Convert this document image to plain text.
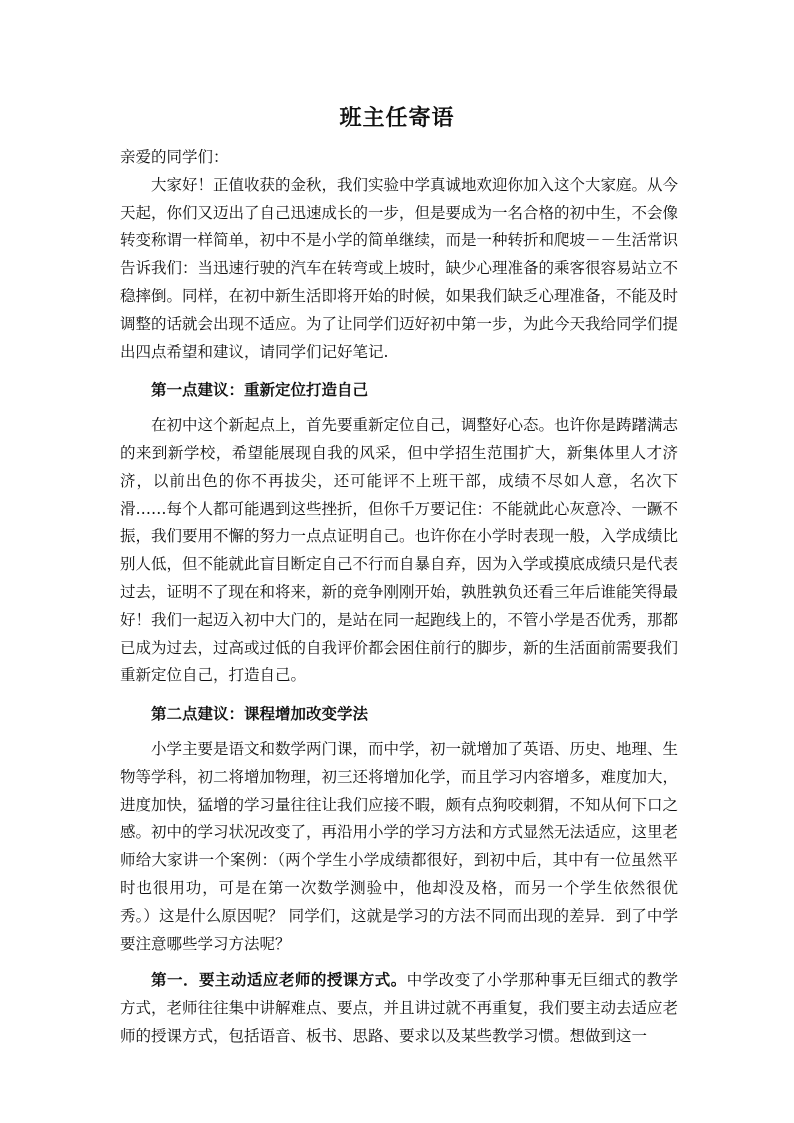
班主任寄语

亲爱的同学们：

大家好！正值收获的金秋，我们实验中学真诚地欢迎你加入这个大家庭。从今天起，你们又迈出了自己迅速成长的一步，但是要成为一名合格的初中生，不会像转变称谓一样简单，初中不是小学的简单继续，而是一种转折和爬坡－－生活常识告诉我们：当迅速行驶的汽车在转弯或上坡时，缺少心理准备的乘客很容易站立不稳摔倒。同样，在初中新生活即将开始的时候，如果我们缺乏心理准备，不能及时调整的话就会出现不适应。为了让同学们迈好初中第一步，为此今天我给同学们提出四点希望和建议，请同学们记好笔记.

第一点建议：重新定位打造自己

在初中这个新起点上，首先要重新定位自己，调整好心态。也许你是踌躇满志的来到新学校，希望能展现自我的风采，但中学招生范围扩大，新集体里人才济济，以前出色的你不再拔尖，还可能评不上班干部，成绩不尽如人意，名次下滑……每个人都可能遇到这些挫折，但你千万要记住：不能就此心灰意冷、一蹶不振，我们要用不懈的努力一点点证明自己。也许你在小学时表现一般，入学成绩比别人低，但不能就此盲目断定自己不行而自暴自弃，因为入学或摸底成绩只是代表过去，证明不了现在和将来，新的竞争刚刚开始，孰胜孰负还看三年后谁能笑得最好！我们一起迈入初中大门的，是站在同一起跑线上的，不管小学是否优秀，那都已成为过去，过高或过低的自我评价都会困住前行的脚步，新的生活面前需要我们重新定位自己，打造自己。

第二点建议：课程增加改变学法

小学主要是语文和数学两门课，而中学，初一就增加了英语、历史、地理、生物等学科，初二将增加物理，初三还将增加化学，而且学习内容增多，难度加大，进度加快，猛增的学习量往往让我们应接不暇，颇有点狗咬刺猬，不知从何下口之感。初中的学习状况改变了，再沿用小学的学习方法和方式显然无法适应，这里老师给大家讲一个案例：（两个学生小学成绩都很好，到初中后，其中有一位虽然平时也很用功，可是在第一次数学测验中，他却没及格，而另一个学生依然很优秀。）这是什么原因呢？ 同学们，这就是学习的方法不同而出现的差异．到了中学要注意哪些学习方法呢？

第一．要主动适应老师的授课方式。中学改变了小学那种事无巨细式的教学方式，老师往往集中讲解难点、要点，并且讲过就不再重复，我们要主动去适应老师的授课方式，包括语音、板书、思路、要求以及某些教学习惯。想做到这一
